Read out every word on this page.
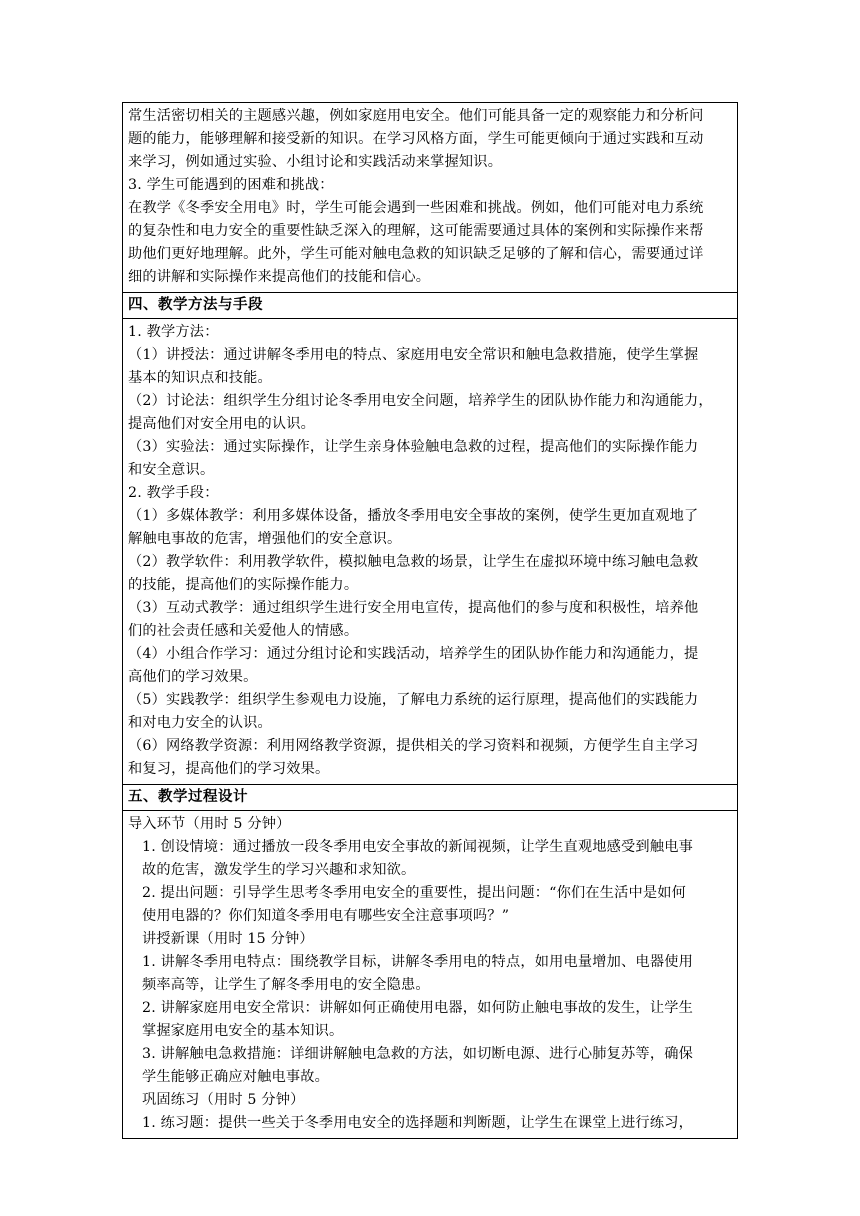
常生活密切相关的主题感兴趣，例如家庭用电安全。他们可能具备一定的观察能力和分析问
题的能力，能够理解和接受新的知识。在学习风格方面，学生可能更倾向于通过实践和互动
来学习，例如通过实验、小组讨论和实践活动来掌握知识。
3. 学生可能遇到的困难和挑战：
在教学《冬季安全用电》时，学生可能会遇到一些困难和挑战。例如，他们可能对电力系统
的复杂性和电力安全的重要性缺乏深入的理解，这可能需要通过具体的案例和实际操作来帮
助他们更好地理解。此外，学生可能对触电急救的知识缺乏足够的了解和信心，需要通过详
细的讲解和实际操作来提高他们的技能和信心。

四、教学方法与手段

1. 教学方法：
（1）讲授法：通过讲解冬季用电的特点、家庭用电安全常识和触电急救措施，使学生掌握
基本的知识点和技能。
（2）讨论法：组织学生分组讨论冬季用电安全问题，培养学生的团队协作能力和沟通能力，
提高他们对安全用电的认识。
（3）实验法：通过实际操作，让学生亲身体验触电急救的过程，提高他们的实际操作能力
和安全意识。
2. 教学手段：
（1）多媒体教学：利用多媒体设备，播放冬季用电安全事故的案例，使学生更加直观地了
解触电事故的危害，增强他们的安全意识。
（2）教学软件：利用教学软件，模拟触电急救的场景，让学生在虚拟环境中练习触电急救
的技能，提高他们的实际操作能力。
（3）互动式教学：通过组织学生进行安全用电宣传，提高他们的参与度和积极性，培养他
们的社会责任感和关爱他人的情感。
（4）小组合作学习：通过分组讨论和实践活动，培养学生的团队协作能力和沟通能力，提
高他们的学习效果。
（5）实践教学：组织学生参观电力设施，了解电力系统的运行原理，提高他们的实践能力
和对电力安全的认识。
（6）网络教学资源：利用网络教学资源，提供相关的学习资料和视频，方便学生自主学习
和复习，提高他们的学习效果。

五、教学过程设计

导入环节（用时 5 分钟）
1. 创设情境：通过播放一段冬季用电安全事故的新闻视频，让学生直观地感受到触电事
故的危害，激发学生的学习兴趣和求知欲。
2. 提出问题：引导学生思考冬季用电安全的重要性，提出问题：“你们在生活中是如何
使用电器的？你们知道冬季用电有哪些安全注意事项吗？”
讲授新课（用时 15 分钟）
1. 讲解冬季用电特点：围绕教学目标，讲解冬季用电的特点，如用电量增加、电器使用
频率高等，让学生了解冬季用电的安全隐患。
2. 讲解家庭用电安全常识：讲解如何正确使用电器，如何防止触电事故的发生，让学生
掌握家庭用电安全的基本知识。
3. 讲解触电急救措施：详细讲解触电急救的方法，如切断电源、进行心肺复苏等，确保
学生能够正确应对触电事故。
巩固练习（用时 5 分钟）
1. 练习题：提供一些关于冬季用电安全的选择题和判断题，让学生在课堂上进行练习，
